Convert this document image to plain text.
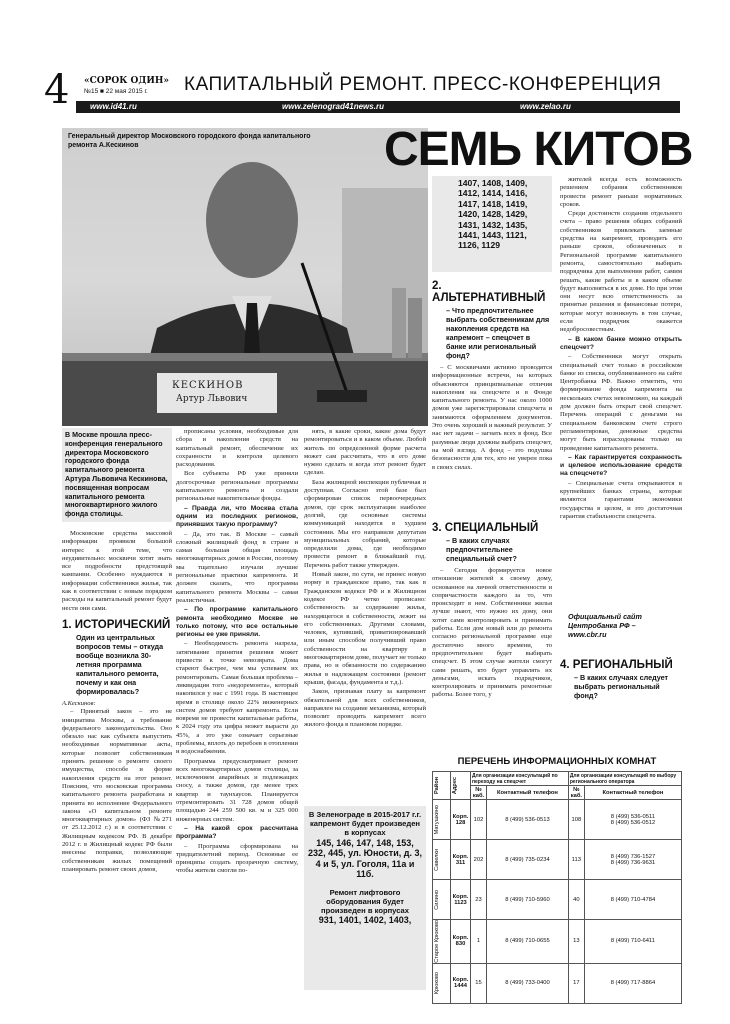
4 «СОРОК ОДИН»
№15 ■ 22 мая 2015 г. КАПИТАЛЬНЫЙ РЕМОНТ. ПРЕСС-КОНФЕРЕНЦИЯ
www.id41.ru	www.zelenograd41news.ru	www.zelao.ru
КЕСКИНОВ
Артур Львович
Генеральный директор Московского городского фонда капитального ремонта А.Кескинов	СЕМЬ КИТОВ
В Москве прошла пресс-конференция генерального директора Московского городского фонда капитального ремонта Артура Львовича Кескинова, посвященная вопросам капитального ремонта многоквартирного жилого фонда столицы.
Московские средства массовой информации проявили большой интерес к этой теме, что неудивительно: москвичи хотят знать все подробности предстоящей кампании. Особенно нуждаются в информации собственники жилья, так как в соответствии с новым порядком расходы на капитальный ремонт будут нести они сами.
1. ИСТОРИЧЕСКИЙ
Один из центральных вопросов темы – откуда вообще возникла 30-летняя программа капитального ремонта, почему и как она формировалась?
А.Кескинов:
– Принятый закон – это не инициатива Москвы, а требование федерального законодательства. Оно обязало нас как субъекта выпустить необходимые нормативные акты, которые позволят собственникам принять решение о ремонте своего имущества, способе и форме накопления средств на этот ремонт. Поясним, что московская программа капитального ремонта разработана и принята во исполнение Федерального закона «О капитальном ремонте многоквартирных домов» (ФЗ №271 от 25.12.2012 г.) и в соответствии с Жилищным кодексом РФ. В декабре 2012 г. в Жилищный кодекс РФ были внесены поправки, позволяющие собственникам жилых помещений планировать ремонт своих домов,

прописаны условия, необходимые для сбора и накопления средств на капитальный ремонт, обеспечение их сохранности и контроля целевого расходования.

Все субъекты РФ уже приняли долгосрочные региональные программы капитального ремонта и создали региональные накопительные фонды.

– Правда ли, что Москва стала одним из последних регионов, принявших такую программу?

– Да, это так. В Москве – самый сложный жилищный фонд в стране и самая большая общая площадь многоквартирных домов в России, поэтому мы тщательно изучали лучшие региональные практики капремонта. И должен сказать, что программа капитального ремонта Москвы – самая реалистичная.

– По программе капитального ремонта необходимо Москве не только потому, что все остальные регионы ее уже приняли.

– Необходимость ремонта назрела, затягивание принятия решения может привести к точке невозврата. Дома стареют быстрее, чем мы успеваем их ремонтировать. Самая большая проблема – ликвидация того «недоремонта», который накопился у нас с 1991 года. В настоящее время в столице около 22% инженерных систем домов требуют капремонта. Если вовремя не провести капитальные работы, к 2024 году эта цифра может вырасти до 45%, а это уже означает серьезные проблемы, вплоть до перебоев в отоплении и водоснабжении.

Программа предусматривает ремонт всех многоквартирных домов столицы, за исключением аварийных и подлежащих сносу, а также домов, где менее трех квартир и таунхаусов. Планируется отремонтировать 31 728 домов общей площадью 244 259 500 кв. м и 325 000 инженерных систем.

– На какой срок рассчитана программа?

– Программа сформирована на тридцатилетний период. Основные ее принципы создать прозрачную систему, чтобы жители смогли по-

нять, в какие сроки, какие дома будут ремонтироваться и в каком объеме. Любой житель по определенной форме расчета может сам рассчитать, что в его доме нужно сделать и когда этот ремонт будет сделан.

База жилищной инспекции публичная и доступная. Согласно этой базе был сформирован список первоочередных домов, где срок эксплуатации наиболее долгий, где основные системы коммуникаций находятся в худшем состоянии. Мы его направили депутатам муниципальных собраний, которые определили дома, где необходимо провести ремонт в ближайший год. Перечень работ также утвержден.

Новый закон, по сути, не принес новую норму в гражданское право, так как в Гражданском кодексе РФ и в Жилищном кодексе РФ четко прописано: собственность за содержание жилья, находящегося в собственности, лежит на его собственниках. Другими словами, человек, купивший, приватизировавший или иным способом получивший право собственности на квартиру в многоквартирном доме, получает не только права, но и обязанности по содержанию жилья в надлежащем состоянии (ремонт крыши, фасада, фундамента и т.д.).

Закон, признавая плату за капремонт обязательной для всех собственников, направлен на создание механизма, который позволит проводить капремонт всего жилого фонда в плановом порядке.

В Зеленограде в 2015-2017 г.г. капремонт будет произведен в корпусах
145, 146, 147, 148, 153, 232, 445, ул. Юности, д. 3, 4 и 5, ул. Гоголя, 11а и 11б.
Ремонт лифтового оборудования будет произведен в корпусах
931, 1401, 1402, 1403,
1407, 1408, 1409, 1412, 1414, 1416, 1417, 1418, 1419, 1420, 1428, 1429, 1431, 1432, 1435, 1441, 1443, 1121, 1126, 1129
2. АЛЬТЕРНАТИВНЫЙ
– Что предпочтительнее выбрать собственникам для накопления средств на капремонт – спецсчет в банке или региональный фонд?
– С москвичами активно проводятся информационные встречи, на которых объясняются принципиальные отличия накопления на спецсчете и в Фонде капитального ремонта. У нас около 1000 домов уже зарегистрировали спецсчета и занимаются оформлением документов. Это очень хороший и важный результат. У нас нет задачи – загнать всех в фонд. Все разумные люди должны выбрать спецсчет, на мой взгляд. А фонд – это подушка безопасности для тех, кто не уверен пока в своих силах.
3. СПЕЦИАЛЬНЫЙ
– В каких случаях предпочтительнее специальный счет?
– Сегодня формируется новое отношение жителей к своему дому, основанное на личной ответственности и сопричастности каждого за то, что происходит в нем. Собственники жилья лучше знают, что нужно их дому, они хотят сами контролировать и принимать работы. Если дом новый или до ремонта согласно региональной программе еще достаточно много времени, то предпочтительнее будет выбирать спецсчет. В этом случае жители смогут сами решать, кто будет управлять их деньгами, искать подрядчиков, контролировать и принимать ремонтные работы. Более того, у

жителей всегда есть возможность решением собрания собственников провести ремонт раньше нормативных сроков.

Среди достоинств создания отдельного счета – право решения общих собраний собственников привлекать заемные средства на капремонт, проводить его раньше сроков, обозначенных в Региональной программе капитального ремонта, самостоятельно выбирать подрядчика для выполнения работ, самим решать, какие работы и в каком объеме будут выполняться в их доме. Но при этом они несут всю ответственность за принятые решения и финансовые потери, которые могут возникнуть в том случае, если подрядчик окажется недобросовестным.

– В каком банке можно открыть спецсчет?

– Собственники могут открыть специальный счет только в российском банке из списка, опубликованного на сайте Центробанка РФ. Важно отметить, что формирование фонда капремонта на нескольких счетах невозможно, на каждый дом должен быть открыт свой спецсчет. Перечень операций с деньгами на специальном банковском счете строго регламентирован, денежные средства могут быть израсходованы только на проведение капитального ремонта.

– Как гарантируется сохранность и целевое использование средств на спецсчете?

– Специальные счета открываются в крупнейших банках страны, которые являются гарантами экономики государства в целом, и это достаточная гарантия стабильности спецсчета.

Официальный сайт Центробанка РФ –
www.cbr.ru
4. РЕГИОНАЛЬНЫЙ
– В каких случаях следует выбрать региональный фонд?
ПЕРЕЧЕНЬ ИНФОРМАЦИОННЫХ КОМНАТ
Район	Адрес	Для организации консультаций по переходу на спецсчет		Для организации консультаций по выбору регионального оператора	
		№ каб.	Контактный телефон	№ каб.	Контактный телефон

Матушкино	Корп. 128	102	8 (499) 536-0513	108	8 (499) 536-0511
8 (499) 536-0512

Савелки	Корп. 311	202	8 (499) 735-0234	113	8 (499) 736-1527
8 (499) 736-9631

Силино	Корп. 1123	23	8 (499) 710-5960	40	8 (499) 710-4784

Старое Крюково	Корп. 830	1	8 (499) 710-0655	13	8 (499) 710-6411

Крюково	Корп. 1444	15	8 (499) 733-0400	17	8 (499) 717-8864
